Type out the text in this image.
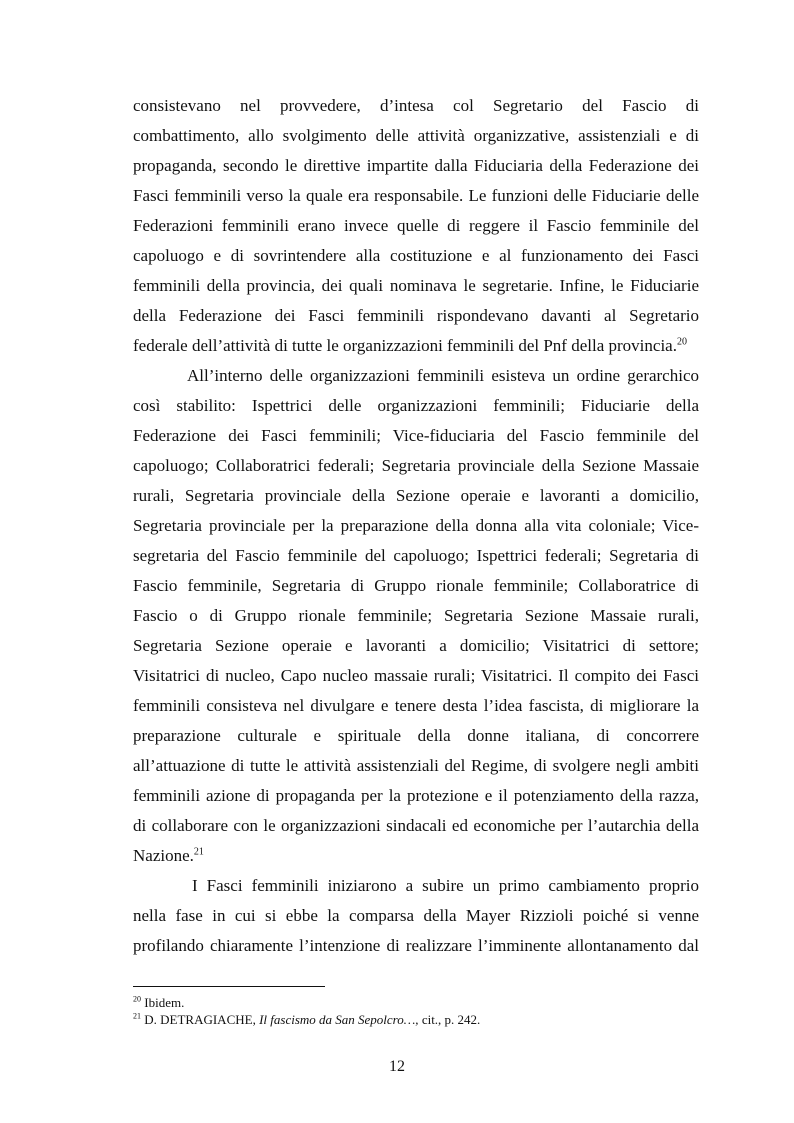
consistevano nel provvedere, d’intesa col Segretario del Fascio di
combattimento, allo svolgimento delle attività organizzative, assistenziali e di
propaganda, secondo le direttive impartite dalla Fiduciaria della Federazione dei
Fasci femminili verso la quale era responsabile. Le funzioni delle Fiduciarie delle
Federazioni femminili erano invece quelle di reggere il Fascio femminile del
capoluogo e di sovrintendere alla costituzione e al funzionamento dei Fasci
femminili della provincia, dei quali nominava le segretarie. Infine, le Fiduciarie
della Federazione dei Fasci femminili rispondevano davanti al Segretario
federale dell’attività di tutte le organizzazioni femminili del Pnf della provincia.$^{20}$
All’interno delle organizzazioni femminili esisteva un ordine gerarchico
così stabilito: Ispettrici delle organizzazioni femminili; Fiduciarie della
Federazione dei Fasci femminili; Vice-fiduciaria del Fascio femminile del
capoluogo; Collaboratrici federali; Segretaria provinciale della Sezione Massaie
rurali, Segretaria provinciale della Sezione operaie e lavoranti a domicilio,
Segretaria provinciale per la preparazione della donna alla vita coloniale; Vice-
segretaria del Fascio femminile del capoluogo; Ispettrici federali; Segretaria di
Fascio femminile, Segretaria di Gruppo rionale femminile; Collaboratrice di
Fascio o di Gruppo rionale femminile; Segretaria Sezione Massaie rurali,
Segretaria Sezione operaie e lavoranti a domicilio; Visitatrici di settore;
Visitatrici di nucleo, Capo nucleo massaie rurali; Visitatrici. Il compito dei Fasci
femminili consisteva nel divulgare e tenere desta l’idea fascista, di migliorare la
preparazione culturale e spirituale della donne italiana, di concorrere
all’attuazione di tutte le attività assistenziali del Regime, di svolgere negli ambiti
femminili azione di propaganda per la protezione e il potenziamento della razza,
di collaborare con le organizzazioni sindacali ed economiche per l’autarchia della
Nazione.$^{21}$
I Fasci femminili iniziarono a subire un primo cambiamento proprio
nella fase in cui si ebbe la comparsa della Mayer Rizzioli poiché si venne
profilando chiaramente l’intenzione di realizzare l’imminente allontanamento dal
$^{20}$ Ibidem.
$^{21}$ D. DETRAGIACHE, Il fascismo da San Sepolcro…, cit., p. 242.
12
